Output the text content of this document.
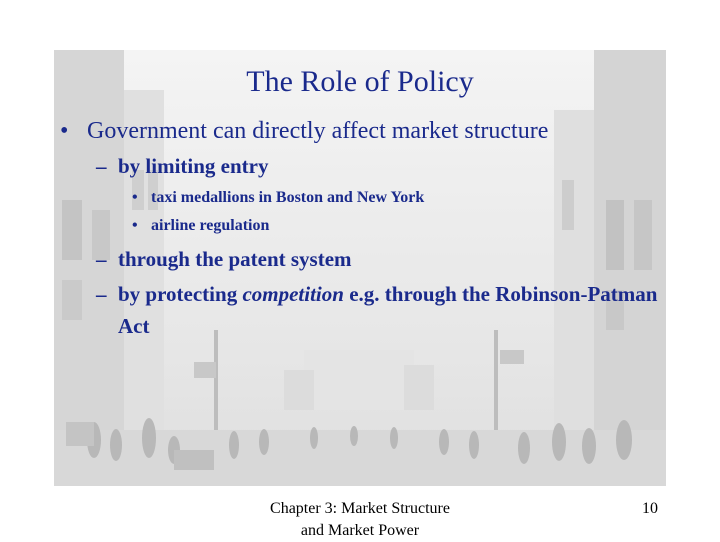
The Role of Policy
• Government can directly affect market structure
– by limiting entry
• taxi medallions in Boston and New York
• airline regulation
– through the patent system
– by protecting competition e.g. through the Robinson-Patman Act
Chapter 3: Market Structure
and Market Power
10
